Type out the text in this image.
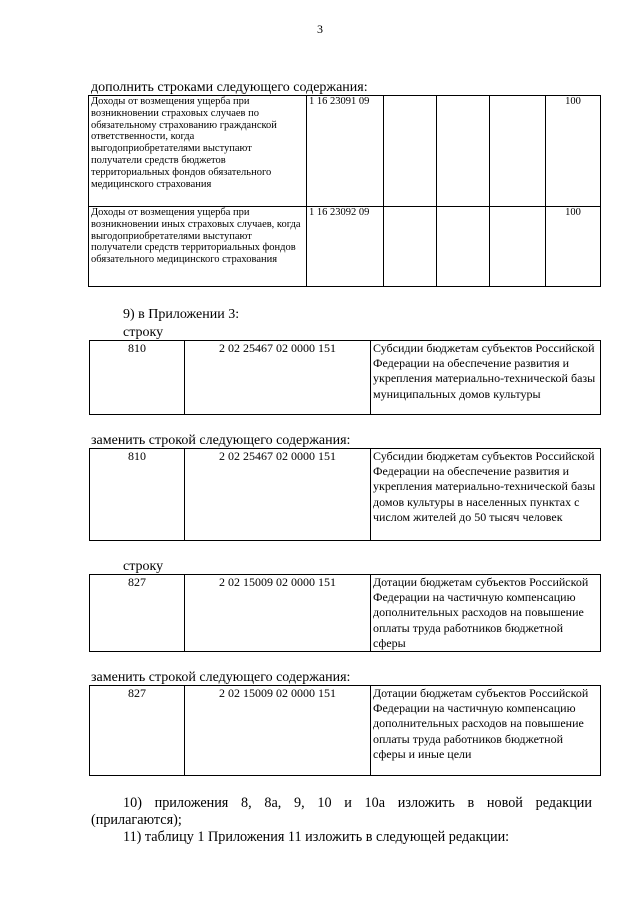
3
дополнить строками следующего содержания:
Доходы от возмещения ущерба при возникновении страховых случаев по обязательному страхованию гражданской ответственности, когда выгодоприобретателями выступают получатели средств бюджетов территориальных фондов обязательного медицинского страхования	1 16 23091 09				100
Доходы от возмещения ущерба при возникновении иных страховых случаев, когда выгодоприобретателями выступают получатели средств территориальных фондов обязательного медицинского страхования	1 16 23092 09				100
9) в Приложении 3:
строку
810	2 02 25467 02 0000 151	Субсидии бюджетам субъектов Российской Федерации на обеспечение развития и укрепления материально-технической базы муниципальных домов культуры
заменить строкой следующего содержания:
810	2 02 25467 02 0000 151	Субсидии бюджетам субъектов Российской Федерации на обеспечение развития и укрепления материально-технической базы домов культуры в населенных пунктах с числом жителей до 50 тысяч человек
строку
827	2 02 15009 02 0000 151	Дотации бюджетам субъектов Российской Федерации на частичную компенсацию дополнительных расходов на повышение оплаты труда работников бюджетной сферы
заменить строкой следующего содержания:
827	2 02 15009 02 0000 151	Дотации бюджетам субъектов Российской Федерации на частичную компенсацию дополнительных расходов на повышение оплаты труда работников бюджетной сферы и иные цели
10) приложения 8, 8а, 9, 10 и 10а изложить в новой редакции
(прилагаются);
11) таблицу 1 Приложения 11 изложить в следующей редакции:
